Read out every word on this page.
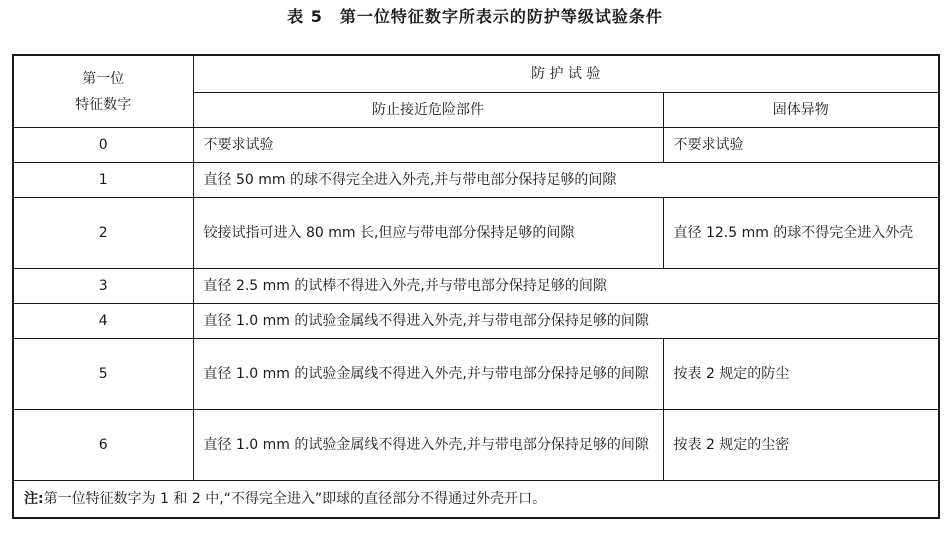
表 5　第一位特征数字所表示的防护等级试验条件
第一位
特征数字	防 护 试 验	
	防止接近危险部件	固体异物
0	不要求试验	不要求试验
1	直径 50 mm 的球不得完全进入外壳,并与带电部分保持足够的间隙	
2	铰接试指可进入 80 mm 长,但应与带电部分保持足够的间隙	直径 12.5 mm 的球不得完全进入外壳
3	直径 2.5 mm 的试棒不得进入外壳,并与带电部分保持足够的间隙	
4	直径 1.0 mm 的试验金属线不得进入外壳,并与带电部分保持足够的间隙	
5	直径 1.0 mm 的试验金属线不得进入外壳,并与带电部分保持足够的间隙	按表 2 规定的防尘
6	直径 1.0 mm 的试验金属线不得进入外壳,并与带电部分保持足够的间隙	按表 2 规定的尘密
注:第一位特征数字为 1 和 2 中,“不得完全进入”即球的直径部分不得通过外壳开口。		
